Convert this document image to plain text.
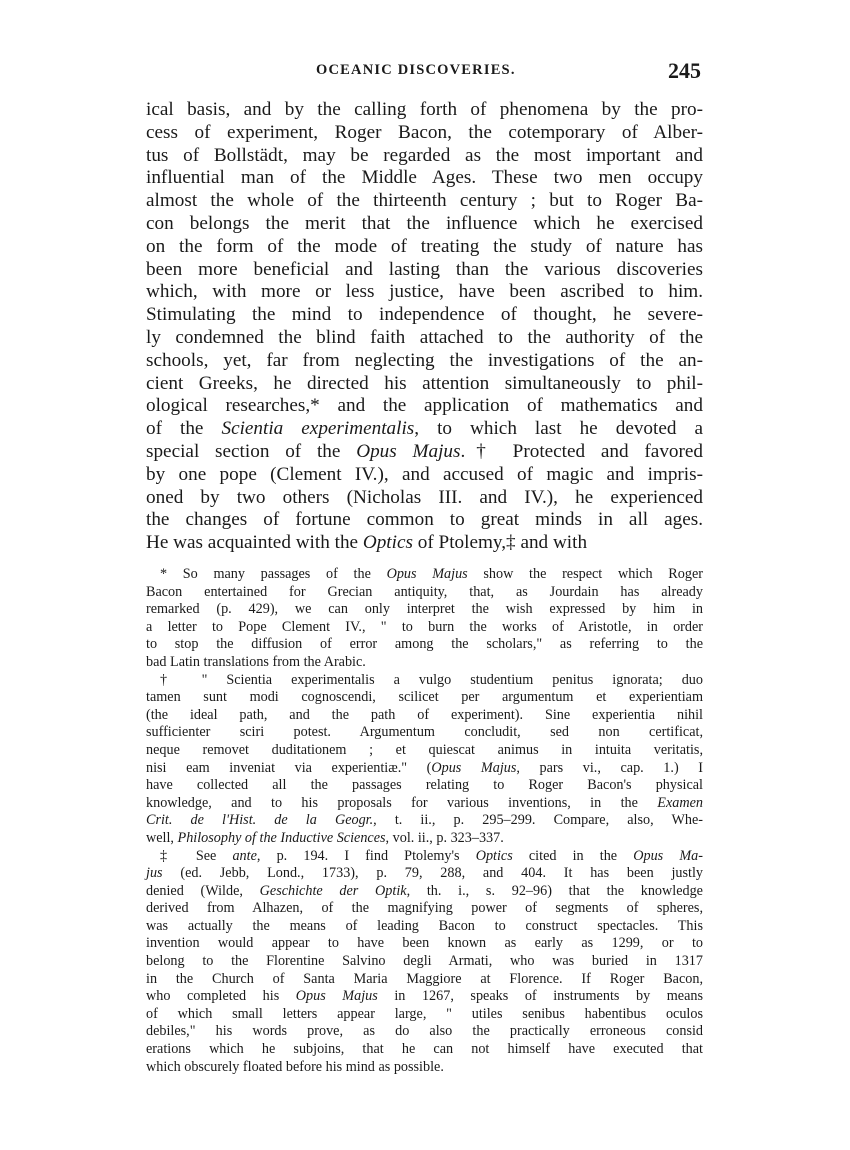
OCEANIC DISCOVERIES.	245
ical basis, and by the calling forth of phenomena by the pro-
cess of experiment, Roger Bacon, the cotemporary of Alber-
tus of Bollstädt, may be regarded as the most important and
influential man of the Middle Ages. These two men occupy
almost the whole of the thirteenth century ; but to Roger Ba-
con belongs the merit that the influence which he exercised
on the form of the mode of treating the study of nature has
been more beneficial and lasting than the various discoveries
which, with more or less justice, have been ascribed to him.
Stimulating the mind to independence of thought, he severe-
ly condemned the blind faith attached to the authority of the
schools, yet, far from neglecting the investigations of the an-
cient Greeks, he directed his attention simultaneously to phil-
ological researches,* and the application of mathematics and
of the Scientia experimentalis, to which last he devoted a
special section of the Opus Majus.† Protected and favored
by one pope (Clement IV.), and accused of magic and impris-
oned by two others (Nicholas III. and IV.), he experienced
the changes of fortune common to great minds in all ages.
He was acquainted with the Optics of Ptolemy,‡ and with
* So many passages of the Opus Majus show the respect which Roger
Bacon entertained for Grecian antiquity, that, as Jourdain has already
remarked (p. 429), we can only interpret the wish expressed by him in
a letter to Pope Clement IV., " to burn the works of Aristotle, in order
to stop the diffusion of error among the scholars," as referring to the
bad Latin translations from the Arabic.
† " Scientia experimentalis a vulgo studentium penitus ignorata; duo
tamen sunt modi cognoscendi, scilicet per argumentum et experientiam
(the ideal path, and the path of experiment). Sine experientia nihil
sufficienter sciri potest. Argumentum concludit, sed non certificat,
neque removet duditationem ; et quiescat animus in intuita veritatis,
nisi eam inveniat via experientiæ." (Opus Majus, pars vi., cap. 1.) I
have collected all the passages relating to Roger Bacon's physical
knowledge, and to his proposals for various inventions, in the Examen
Crit. de l'Hist. de la Geogr., t. ii., p. 295–299. Compare, also, Whe-
well, Philosophy of the Inductive Sciences, vol. ii., p. 323–337.
‡ See ante, p. 194. I find Ptolemy's Optics cited in the Opus Ma-
jus (ed. Jebb, Lond., 1733), p. 79, 288, and 404. It has been justly
denied (Wilde, Geschichte der Optik, th. i., s. 92–96) that the knowledge
derived from Alhazen, of the magnifying power of segments of spheres,
was actually the means of leading Bacon to construct spectacles. This
invention would appear to have been known as early as 1299, or to
belong to the Florentine Salvino degli Armati, who was buried in 1317
in the Church of Santa Maria Maggiore at Florence. If Roger Bacon,
who completed his Opus Majus in 1267, speaks of instruments by means
of which small letters appear large, " utiles senibus habentibus oculos
debiles," his words prove, as do also the practically erroneous consid
erations which he subjoins, that he can not himself have executed that
which obscurely floated before his mind as possible.
